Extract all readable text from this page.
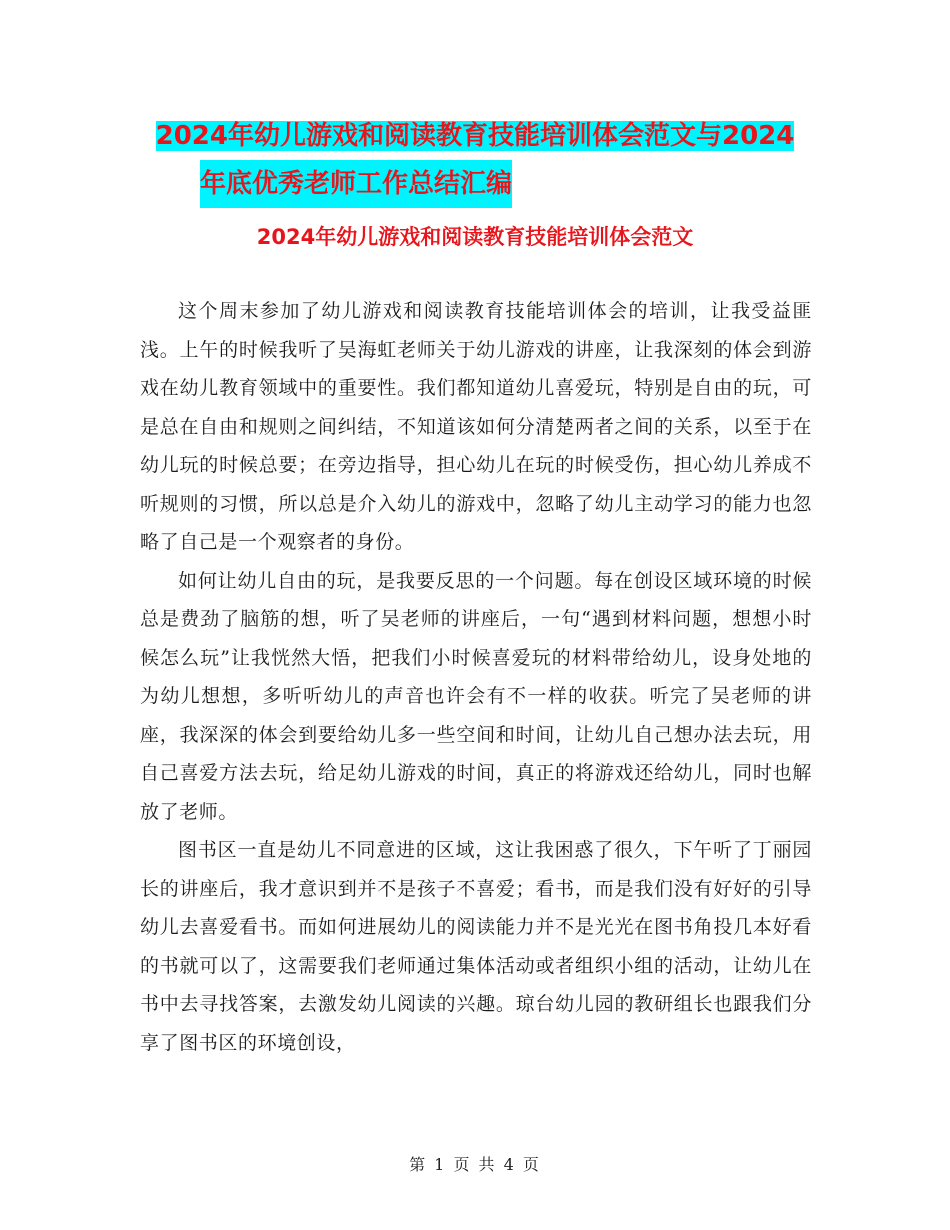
2024年幼儿游戏和阅读教育技能培训体会范文与2024
年底优秀老师工作总结汇编
2024年幼儿游戏和阅读教育技能培训体会范文

这个周末参加了幼儿游戏和阅读教育技能培训体会的培训，让我受益匪浅。上午的时候我听了吴海虹老师关于幼儿游戏的讲座，让我深刻的体会到游戏在幼儿教育领域中的重要性。我们都知道幼儿喜爱玩，特别是自由的玩，可是总在自由和规则之间纠结，不知道该如何分清楚两者之间的关系，以至于在幼儿玩的时候总要；在旁边指导，担心幼儿在玩的时候受伤，担心幼儿养成不听规则的习惯，所以总是介入幼儿的游戏中，忽略了幼儿主动学习的能力也忽略了自己是一个观察者的身份。

如何让幼儿自由的玩，是我要反思的一个问题。每在创设区域环境的时候总是费劲了脑筋的想，听了吴老师的讲座后，一句“遇到材料问题，想想小时候怎么玩”让我恍然大悟，把我们小时候喜爱玩的材料带给幼儿，设身处地的为幼儿想想，多听听幼儿的声音也许会有不一样的收获。听完了吴老师的讲座，我深深的体会到要给幼儿多一些空间和时间，让幼儿自己想办法去玩，用自己喜爱方法去玩，给足幼儿游戏的时间，真正的将游戏还给幼儿，同时也解放了老师。

图书区一直是幼儿不同意进的区域，这让我困惑了很久，下午听了丁丽园长的讲座后，我才意识到并不是孩子不喜爱；看书，而是我们没有好好的引导幼儿去喜爱看书。而如何进展幼儿的阅读能力并不是光光在图书角投几本好看的书就可以了，这需要我们老师通过集体活动或者组织小组的活动，让幼儿在书中去寻找答案，去激发幼儿阅读的兴趣。琼台幼儿园的教研组长也跟我们分享了图书区的环境创设，

第 1 页 共 4 页
